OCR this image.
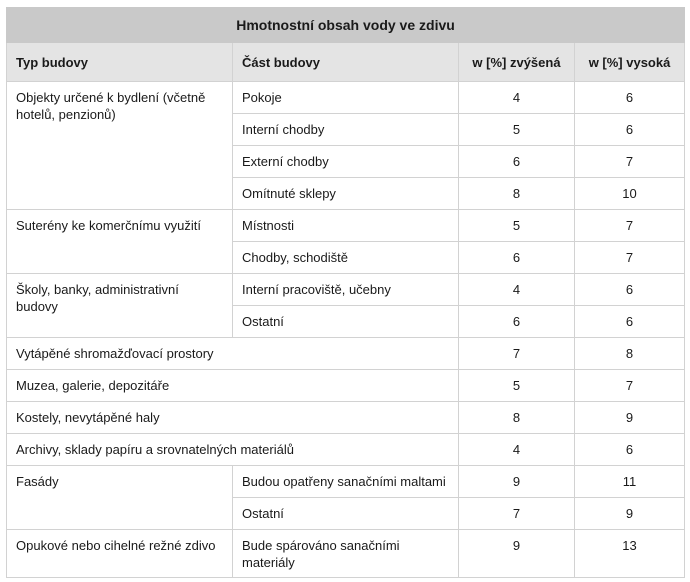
Hmotnostní obsah vody ve zdivu			
Typ budovy	Část budovy	w [%] zvýšená	w [%] vysoká
Objekty určené k bydlení (včetně hotelů, penzionů)	Pokoje	4	6
	Interní chodby	5	6
	Externí chodby	6	7
	Omítnuté sklepy	8	10
Suterény ke komerčnímu využití	Místnosti	5	7
	Chodby, schodiště	6	7
Školy, banky, administrativní budovy	Interní pracoviště, učebny	4	6
	Ostatní	6	6
Vytápěné shromažďovací prostory		7	8
Muzea, galerie, depozitáře		5	7
Kostely, nevytápěné haly		8	9
Archivy, sklady papíru a srovnatelných materiálů		4	6
Fasády	Budou opatřeny sanačními maltami	9	11
	Ostatní	7	9
Opukové nebo cihelné režné zdivo	Bude spárováno sanačními materiály	9	13
